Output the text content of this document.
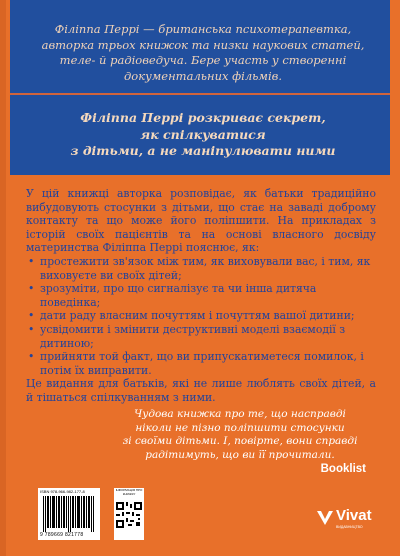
Філіппа Перрі — британська психотерапевтка,
авторка трьох книжок та низки наукових статей,
теле- й радіоведуча. Бере участь у створенні
документальних фільмів.
Філіппа Перрі розкриває секрет,
як спілкуватися
з дітьми, а не маніпулювати ними

У цій книжці авторка розповідає, як батьки традиційно вибудовують стосунки з дітьми, що стає на заваді доброму контакту та що може його поліпшити. На прикладах з історій своїх пацієнтів та на основі власного досвіду материнства Філіппа Перрі пояснює, як:

• простежити зв'язок між тим, як виховували вас, і тим, як виховуєте ви своїх дітей;
• зрозуміти, про що сигналізує та чи інша дитяча поведінка;
• дати раду власним почуттям і почуттям вашої дитини;
• усвідомити і змінити деструктивні моделі взаємодії з дитиною;
• прийняти той факт, що ви припускатиметеся помилок, і потім їх виправити.

Це видання для батьків, які не лише люблять своїх дітей, а й тішаться спілкуванням з ними.

Чудова книжка про те, що насправді
ніколи не пізно поліпшити стосунки
зі своїми дітьми. І, повірте, вони справді
радітимуть, що ви її прочитали.
Booklist
ISBN 978-966-982-177-8
9 789669 821778
ІНФОРМАЦІЯ ПРО КНИЖКУ
Vivat
ВИДАВНИЦТВО
